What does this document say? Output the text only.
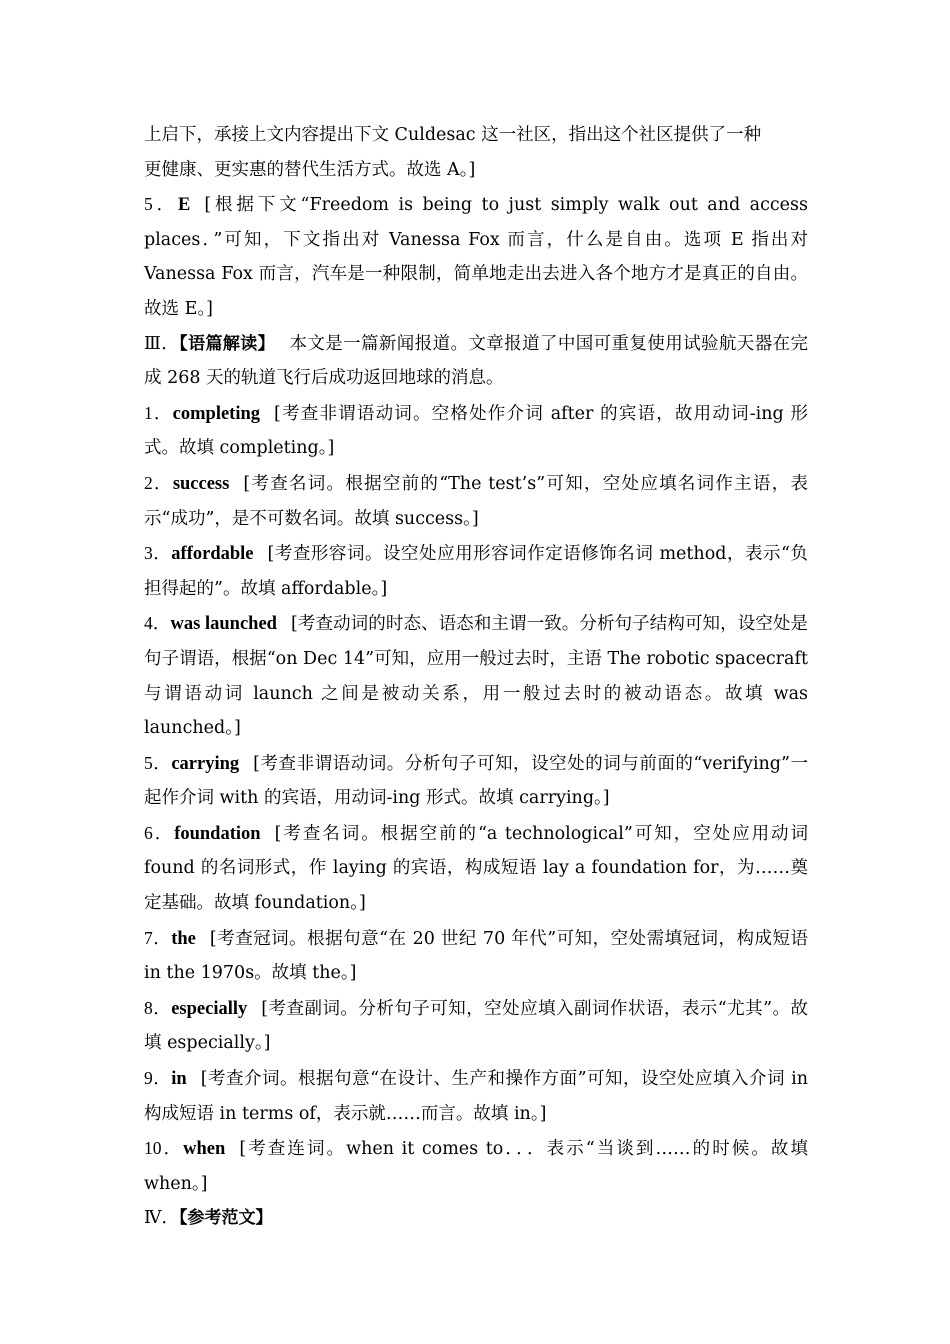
上启下，承接上文内容提出下文 Culdesac 这一社区，指出这个社区提供了一种
更健康、更实惠的替代生活方式。故选 A。]

5．E [根据下文“Freedom is being to just simply walk out and access places．”可知，下文指出对 Vanessa Fox 而言，什么是自由。选项 E 指出对 Vanessa Fox 而言，汽车是一种限制，简单地走出去进入各个地方才是真正的自由。故选 E。]

Ⅲ．【语篇解读】 本文是一篇新闻报道。文章报道了中国可重复使用试验航天器在完成 268 天的轨道飞行后成功返回地球的消息。

1．completing [考查非谓语动词。空格处作介词 after 的宾语，故用动词-ing 形式。故填 completing。]

2．success [考查名词。根据空前的“The test’s”可知，空处应填名词作主语，表示“成功”，是不可数名词。故填 success。]

3．affordable [考查形容词。设空处应用形容词作定语修饰名词 method，表示“负担得起的”。故填 affordable。]

4．was launched [考查动词的时态、语态和主谓一致。分析句子结构可知，设空处是句子谓语，根据“on Dec 14”可知，应用一般过去时，主语 The robotic spacecraft 与谓语动词 launch 之间是被动关系，用一般过去时的被动语态。故填 was launched。]

5．carrying [考查非谓语动词。分析句子可知，设空处的词与前面的“verifying”一起作介词 with 的宾语，用动词-ing 形式。故填 carrying。]

6．foundation [考查名词。根据空前的“a technological”可知，空处应用动词 found 的名词形式，作 laying 的宾语，构成短语 lay a foundation for，为……奠定基础。故填 foundation。]

7．the [考查冠词。根据句意“在 20 世纪 70 年代”可知，空处需填冠词，构成短语 in the 1970s。故填 the。]

8．especially [考查副词。分析句子可知，空处应填入副词作状语，表示“尤其”。故填 especially。]

9．in [考查介词。根据句意“在设计、生产和操作方面”可知，设空处应填入介词 in 构成短语 in terms of，表示就……而言。故填 in。]

10．when [考查连词。when it comes to．．．表示“当谈到……的时候。故填 when。]

Ⅳ．【参考范文】
